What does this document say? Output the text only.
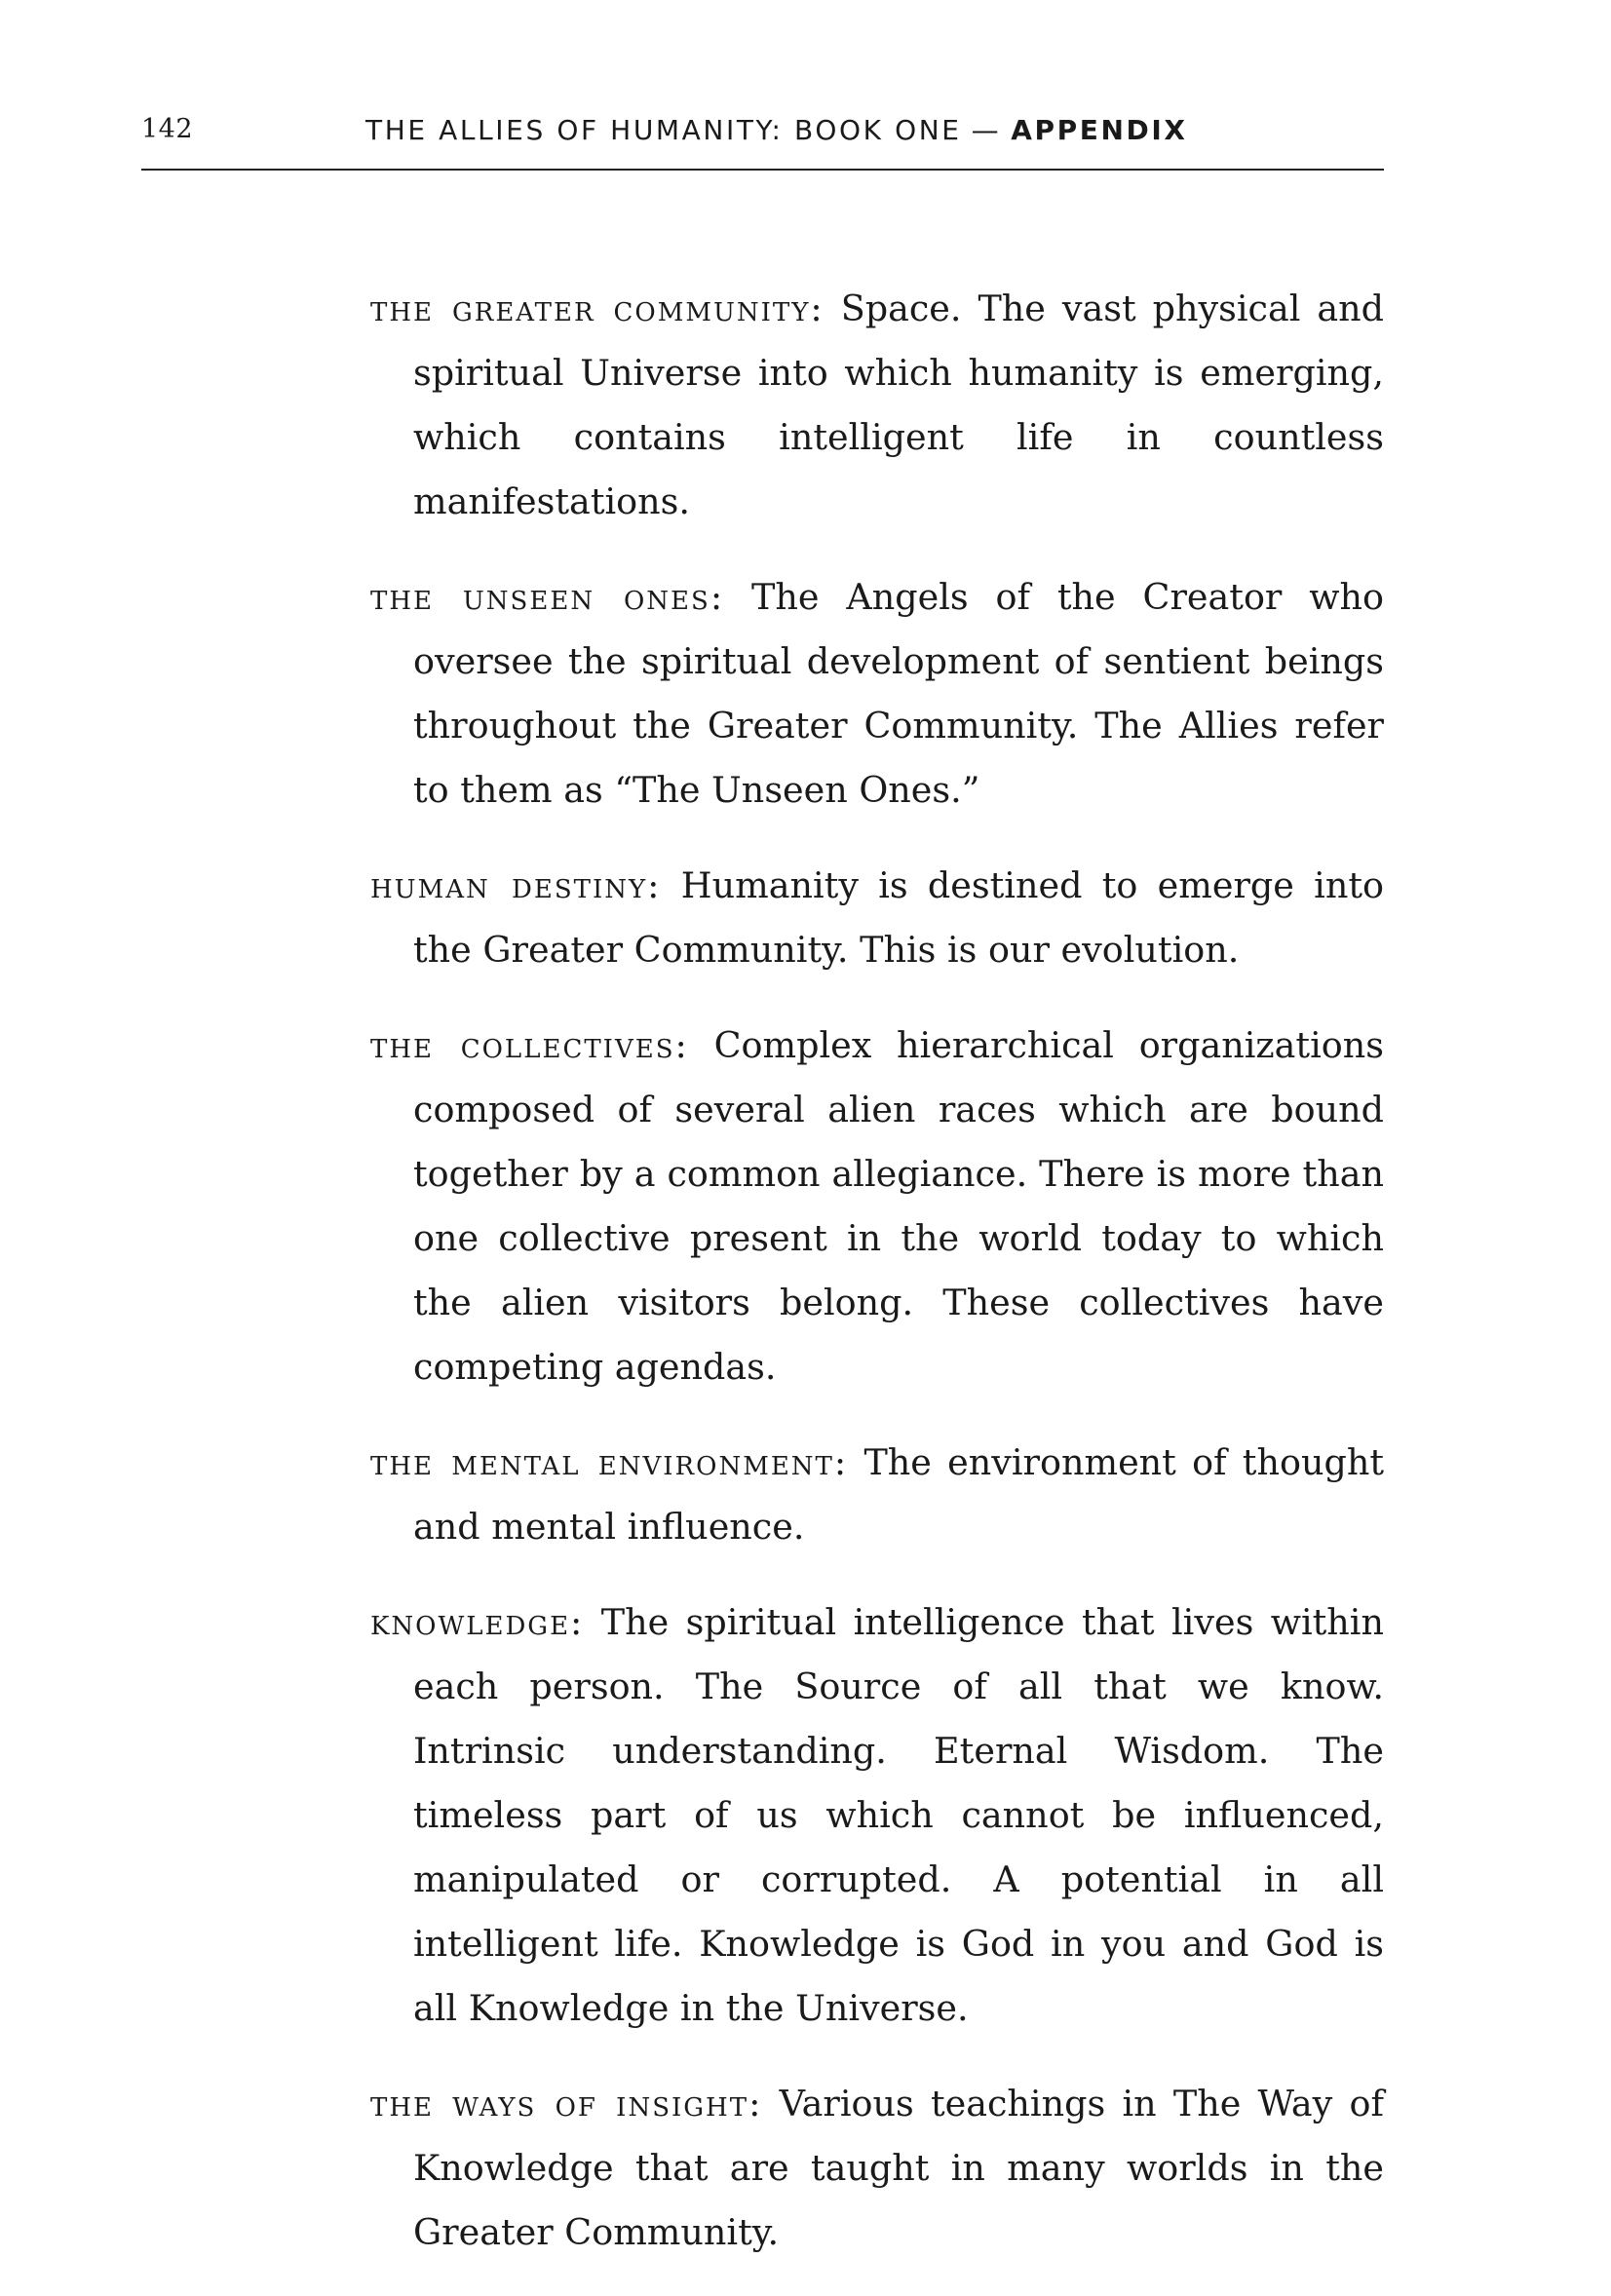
142	THE ALLIES OF HUMANITY: BOOK ONE — APPENDIX

the greater community: Space. The vast physical and spiritual Universe into which humanity is emerging, which contains intelligent life in countless manifestations.

the unseen ones: The Angels of the Creator who oversee the spiritual development of sentient beings throughout the Greater Community. The Allies refer to them as “The Unseen Ones.”

human destiny: Humanity is destined to emerge into the Greater Community. This is our evolution.

the collectives: Complex hierarchical organizations composed of several alien races which are bound together by a common allegiance. There is more than one collective present in the world today to which the alien visitors belong. These collectives have competing agendas.

the mental environment: The environment of thought and mental influence.

knowledge: The spiritual intelligence that lives within each person. The Source of all that we know. Intrinsic understanding. Eternal Wisdom. The timeless part of us which cannot be influenced, manipulated or corrupted. A potential in all intelligent life. Knowledge is God in you and God is all Knowledge in the Universe.

the ways of insight: Various teachings in The Way of Knowledge that are taught in many worlds in the Greater Community.
